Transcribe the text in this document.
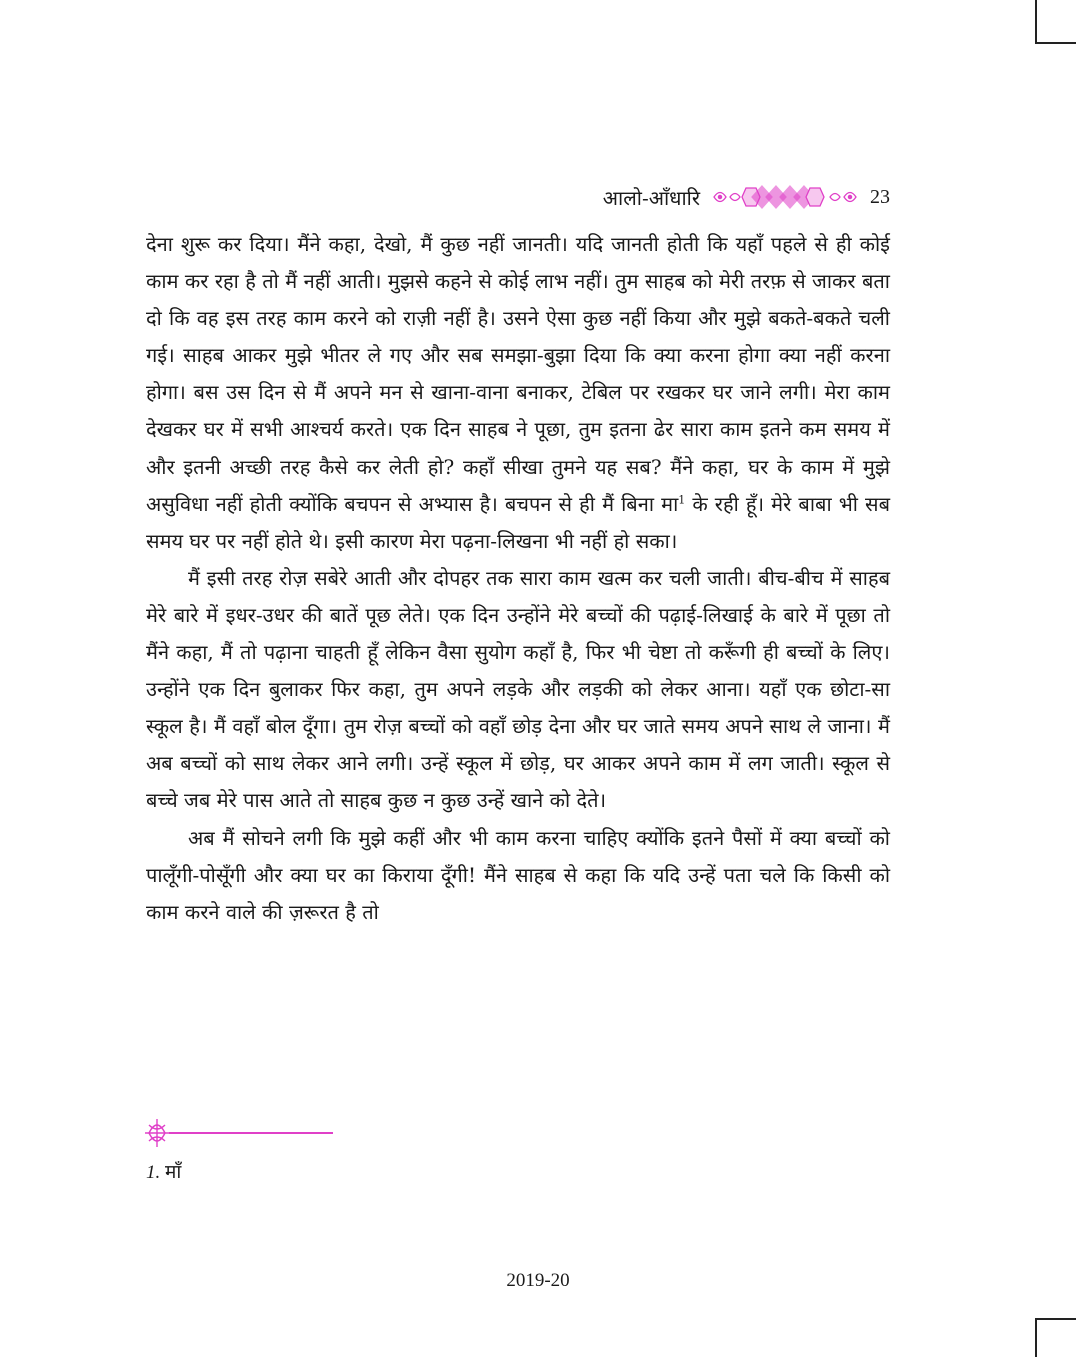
आलो-आँधारि	23

देना शुरू कर दिया। मैंने कहा, देखो, मैं कुछ नहीं जानती। यदि जानती होती कि यहाँ पहले से ही कोई काम कर रहा है तो मैं नहीं आती। मुझसे कहने से कोई लाभ नहीं। तुम साहब को मेरी तरफ़ से जाकर बता दो कि वह इस तरह काम करने को राज़ी नहीं है। उसने ऐसा कुछ नहीं किया और मुझे बकते-बकते चली गई। साहब आकर मुझे भीतर ले गए और सब समझा-बुझा दिया कि क्या करना होगा क्या नहीं करना होगा। बस उस दिन से मैं अपने मन से खाना-वाना बनाकर, टेबिल पर रखकर घर जाने लगी। मेरा काम देखकर घर में सभी आश्चर्य करते। एक दिन साहब ने पूछा, तुम इतना ढेर सारा काम इतने कम समय में और इतनी अच्छी तरह कैसे कर लेती हो? कहाँ सीखा तुमने यह सब? मैंने कहा, घर के काम में मुझे असुविधा नहीं होती क्योंकि बचपन से अभ्यास है। बचपन से ही मैं बिना मा$^1$ के रही हूँ। मेरे बाबा भी सब समय घर पर नहीं होते थे। इसी कारण मेरा पढ़ना-लिखना भी नहीं हो सका।

मैं इसी तरह रोज़ सबेरे आती और दोपहर तक सारा काम खत्म कर चली जाती। बीच-बीच में साहब मेरे बारे में इधर-उधर की बातें पूछ लेते। एक दिन उन्होंने मेरे बच्चों की पढ़ाई-लिखाई के बारे में पूछा तो मैंने कहा, मैं तो पढ़ाना चाहती हूँ लेकिन वैसा सुयोग कहाँ है, फिर भी चेष्टा तो करूँगी ही बच्चों के लिए। उन्होंने एक दिन बुलाकर फिर कहा, तुम अपने लड़के और लड़की को लेकर आना। यहाँ एक छोटा-सा स्कूल है। मैं वहाँ बोल दूँगा। तुम रोज़ बच्चों को वहाँ छोड़ देना और घर जाते समय अपने साथ ले जाना। मैं अब बच्चों को साथ लेकर आने लगी। उन्हें स्कूल में छोड़, घर आकर अपने काम में लग जाती। स्कूल से बच्चे जब मेरे पास आते तो साहब कुछ न कुछ उन्हें खाने को देते।

अब मैं सोचने लगी कि मुझे कहीं और भी काम करना चाहिए क्योंकि इतने पैसों में क्या बच्चों को पालूँगी-पोसूँगी और क्या घर का किराया दूँगी! मैंने साहब से कहा कि यदि उन्हें पता चले कि किसी को काम करने वाले की ज़रूरत है तो

1. माँ
2019-20
